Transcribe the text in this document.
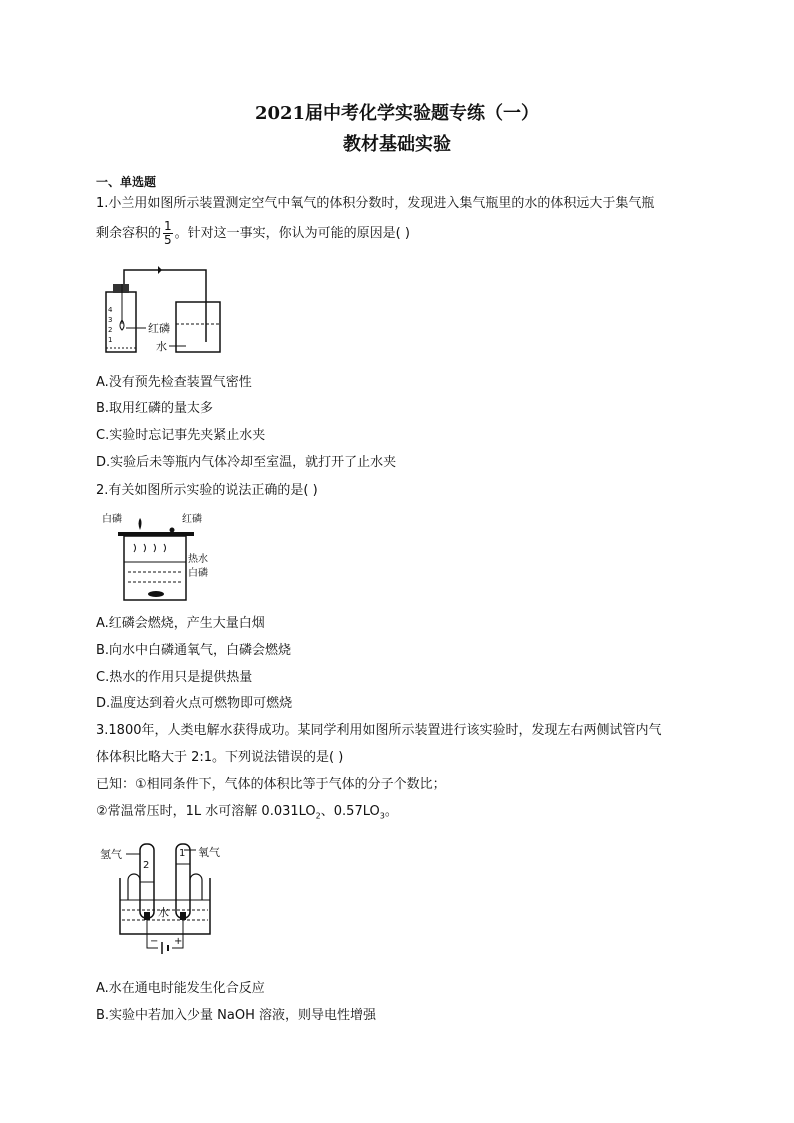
2021届中考化学实验题专练（一）
教材基础实验
一、单选题
1.小兰用如图所示装置测定空气中氧气的体积分数时，发现进入集气瓶里的水的体积远大于集气瓶
剩余容积的 $\frac{1}{5}$ 。针对这一事实，你认为可能的原因是( )
4
3
2
1
红磷
水
A.没有预先检查装置气密性
B.取用红磷的量太多
C.实验时忘记事先夹紧止水夹
D.实验后未等瓶内气体冷却至室温，就打开了止水夹
2.有关如图所示实验的说法正确的是( )
白磷	红磷
热水
白磷
A.红磷会燃烧，产生大量白烟
B.向水中白磷通氧气，白磷会燃烧
C.热水的作用只是提供热量
D.温度达到着火点可燃物即可燃烧
3.1800年，人类电解水获得成功。某同学利用如图所示装置进行该实验时，发现左右两侧试管内气
体体积比略大于 2:1。下列说法错误的是( )
已知：①相同条件下，气体的体积比等于气体的分子个数比；
②常温常压时，1L 水可溶解 $0.031LO_2$、$0.57LO_3$。
氢气	氧气
2
1
水
− +
A.水在通电时能发生化合反应
B.实验中若加入少量 NaOH 溶液，则导电性增强
